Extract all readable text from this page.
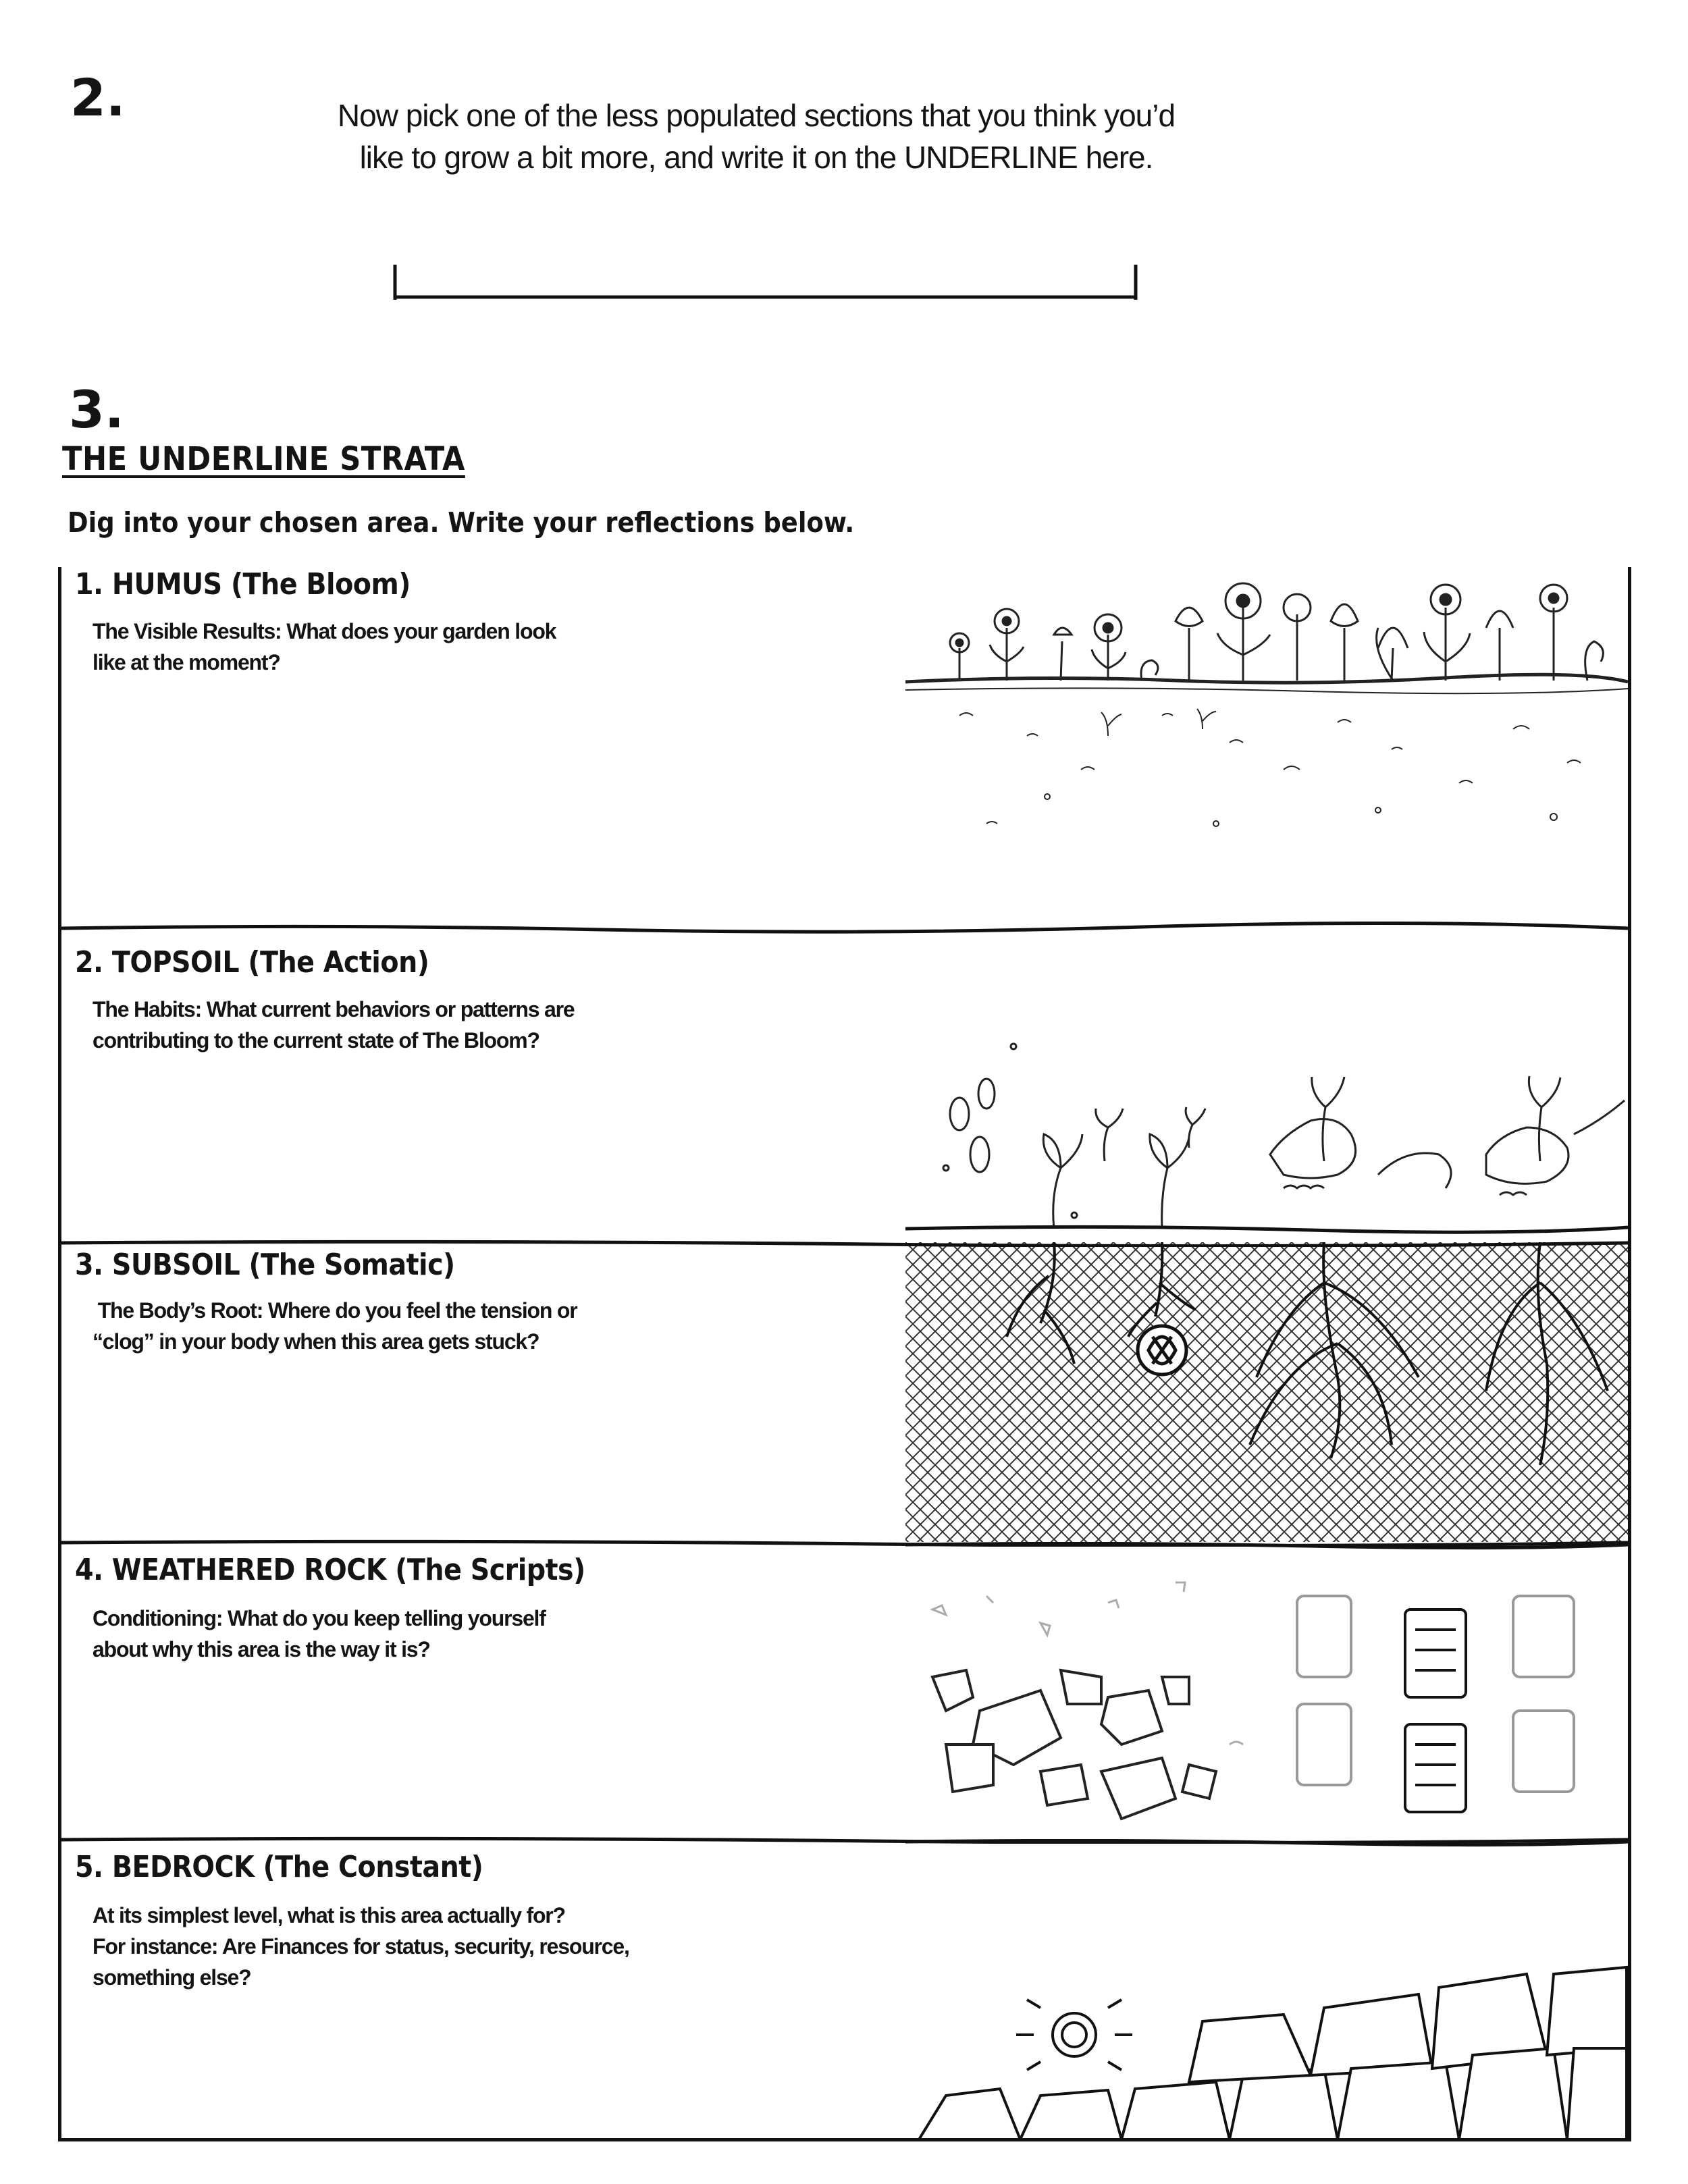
2.	Now pick one of the less populated sections that you think you’d
like to grow a bit more, and write it on the UNDERLINE here.
3.
THE UNDERLINE STRATA
Dig into your chosen area. Write your reflections below.
1. HUMUS (The Bloom)
The Visible Results: What does your garden look
like at the moment?
2. TOPSOIL (The Action)
The Habits: What current behaviors or patterns are
contributing to the current state of The Bloom?
3. SUBSOIL (The Somatic)
The Body’s Root: Where do you feel the tension or
“clog” in your body when this area gets stuck?
4. WEATHERED ROCK (The Scripts)
Conditioning: What do you keep telling yourself
about why this area is the way it is?
5. BEDROCK (The Constant)
At its simplest level, what is this area actually for?
For instance: Are Finances for status, security, resource,
something else?
